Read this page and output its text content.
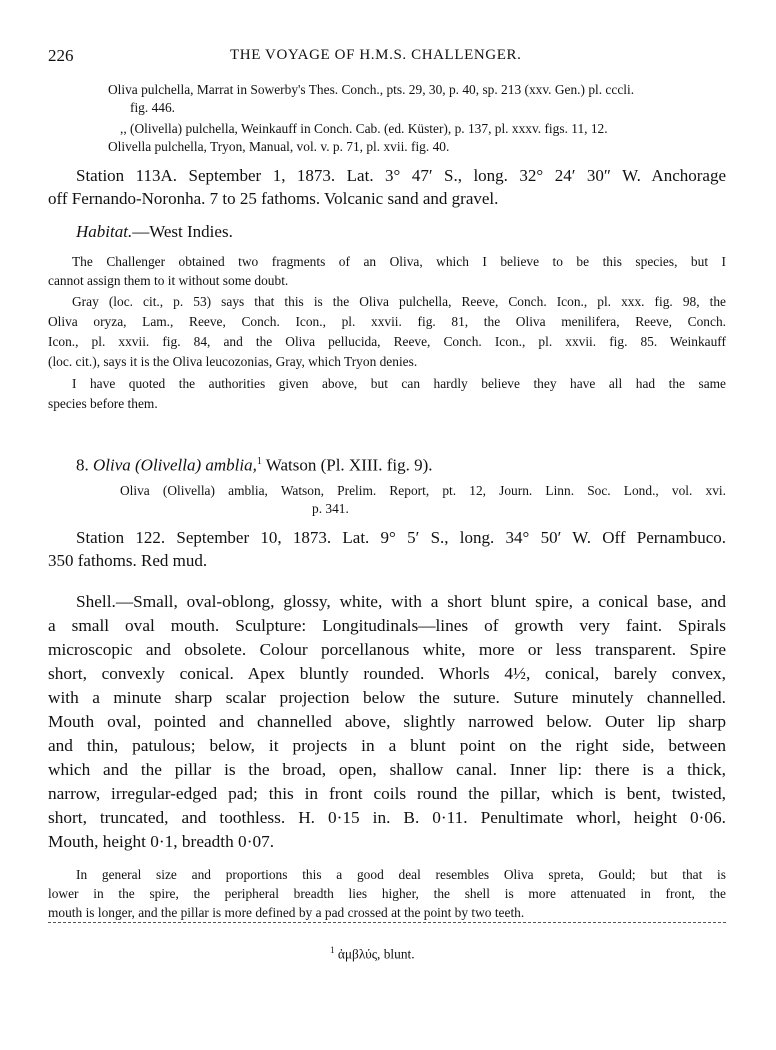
226	THE VOYAGE OF H.M.S. CHALLENGER.
Oliva pulchella, Marrat in Sowerby's Thes. Conch., pts. 29, 30, p. 40, sp. 213 (xxv. Gen.) pl. cccli.
fig. 446.
,, (Olivella) pulchella, Weinkauff in Conch. Cab. (ed. Küster), p. 137, pl. xxxv. figs. 11, 12.
Olivella pulchella, Tryon, Manual, vol. v. p. 71, pl. xvii. fig. 40.
Station 113A. September 1, 1873. Lat. 3° 47′ S., long. 32° 24′ 30″ W. Anchorage
off Fernando-Noronha. 7 to 25 fathoms. Volcanic sand and gravel.
Habitat.—West Indies.
The Challenger obtained two fragments of an Oliva, which I believe to be this species, but I
cannot assign them to it without some doubt.
Gray (loc. cit., p. 53) says that this is the Oliva pulchella, Reeve, Conch. Icon., pl. xxx. fig. 98, the
Oliva oryza, Lam., Reeve, Conch. Icon., pl. xxvii. fig. 81, the Oliva menilifera, Reeve, Conch.
Icon., pl. xxvii. fig. 84, and the Oliva pellucida, Reeve, Conch. Icon., pl. xxvii. fig. 85. Weinkauff
(loc. cit.), says it is the Oliva leucozonias, Gray, which Tryon denies.
I have quoted the authorities given above, but can hardly believe they have all had the same
species before them.
8. Oliva (Olivella) amblia,$^1$ Watson (Pl. XIII. fig. 9).
Oliva (Olivella) amblia, Watson, Prelim. Report, pt. 12, Journ. Linn. Soc. Lond., vol. xvi.
p. 341.
Station 122. September 10, 1873. Lat. 9° 5′ S., long. 34° 50′ W. Off Pernambuco.
350 fathoms. Red mud.
Shell.—Small, oval-oblong, glossy, white, with a short blunt spire, a conical base, and
a small oval mouth. Sculpture: Longitudinals—lines of growth very faint. Spirals
microscopic and obsolete. Colour porcellanous white, more or less transparent. Spire
short, convexly conical. Apex bluntly rounded. Whorls 4½, conical, barely convex,
with a minute sharp scalar projection below the suture. Suture minutely channelled.
Mouth oval, pointed and channelled above, slightly narrowed below. Outer lip sharp
and thin, patulous; below, it projects in a blunt point on the right side, between
which and the pillar is the broad, open, shallow canal. Inner lip: there is a thick,
narrow, irregular-edged pad; this in front coils round the pillar, which is bent, twisted,
short, truncated, and toothless. H. 0·15 in. B. 0·11. Penultimate whorl, height 0·06.
Mouth, height 0·1, breadth 0·07.
In general size and proportions this a good deal resembles Oliva spreta, Gould; but that is
lower in the spire, the peripheral breadth lies higher, the shell is more attenuated in front, the
mouth is longer, and the pillar is more defined by a pad crossed at the point by two teeth.
$^1$ ἀμβλύς, blunt.
